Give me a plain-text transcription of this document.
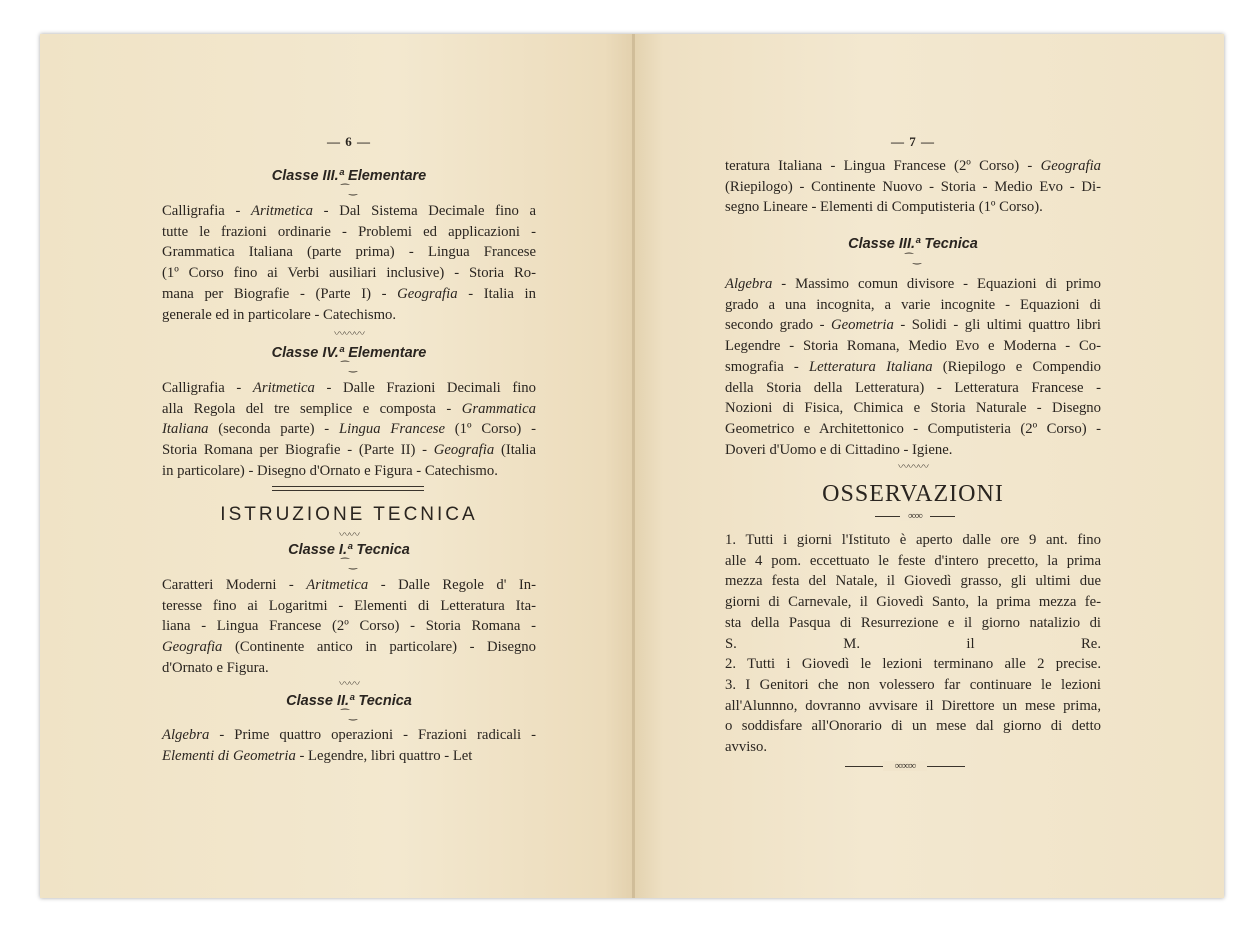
— 6 —
Classe III.ª Elementare
⁀‿
Calligrafia - Aritmetica - Dal Sistema Decimale fino a
tutte le frazioni ordinarie - Problemi ed applicazioni -
Grammatica Italiana (parte prima) - Lingua Francese
(1º Corso fino ai Verbi ausiliari inclusive) - Storia Ro-
mana per Biografie - (Parte I) - Geografia - Italia in
generale ed in particolare - Catechismo.
〰〰〰
Classe IV.ª Elementare
⁀‿
Calligrafia - Aritmetica - Dalle Frazioni Decimali fino
alla Regola del tre semplice e composta - Grammatica
Italiana (seconda parte) - Lingua Francese (1º Corso) -
Storia Romana per Biografie - (Parte II) - Geografia (Italia
in particolare) - Disegno d'Ornato e Figura - Catechismo.
ISTRUZIONE TECNICA
〰〰
Classe I.ª Tecnica
⁀‿
Caratteri Moderni - Aritmetica - Dalle Regole d' In-
teresse fino ai Logaritmi - Elementi di Letteratura Ita-
liana - Lingua Francese (2º Corso) - Storia Romana -
Geografia (Continente antico in particolare) - Disegno
d'Ornato e Figura.
〰〰
Classe II.ª Tecnica
⁀‿
Algebra - Prime quattro operazioni - Frazioni radicali -
Elementi di Geometria - Legendre, libri quattro - Let
— 7 —
teratura Italiana - Lingua Francese (2º Corso) - Geografia
(Riepilogo) - Continente Nuovo - Storia - Medio Evo - Di-
segno Lineare - Elementi di Computisteria (1º Corso).
Classe III.ª Tecnica
⁀‿
Algebra - Massimo comun divisore - Equazioni di primo
grado a una incognita, a varie incognite - Equazioni di
secondo grado - Geometria - Solidi - gli ultimi quattro libri
Legendre - Storia Romana, Medio Evo e Moderna - Co-
smografia - Letteratura Italiana (Riepilogo e Compendio
della Storia della Letteratura) - Letteratura Francese -
Nozioni di Fisica, Chimica e Storia Naturale - Disegno
Geometrico e Architettonico - Computisteria (2º Corso) -
Doveri d'Uomo e di Cittadino - Igiene.
〰〰〰
OSSERVAZIONI
∞∞
1. Tutti i giorni l'Istituto è aperto dalle ore 9 ant. fino
alle 4 pom. eccettuato le feste d'intero precetto, la prima
mezza festa del Natale, il Giovedì grasso, gli ultimi due
giorni di Carnevale, il Giovedì Santo, la prima mezza fe-
sta della Pasqua di Resurrezione e il giorno natalizio di
S. M. il Re.
2. Tutti i Giovedì le lezioni terminano alle 2 precise.
3. I Genitori che non volessero far continuare le lezioni
all'Alunnno, dovranno avvisare il Direttore un mese prima,
o soddisfare all'Onorario di un mese dal giorno di detto
avviso.
∞∞∞
